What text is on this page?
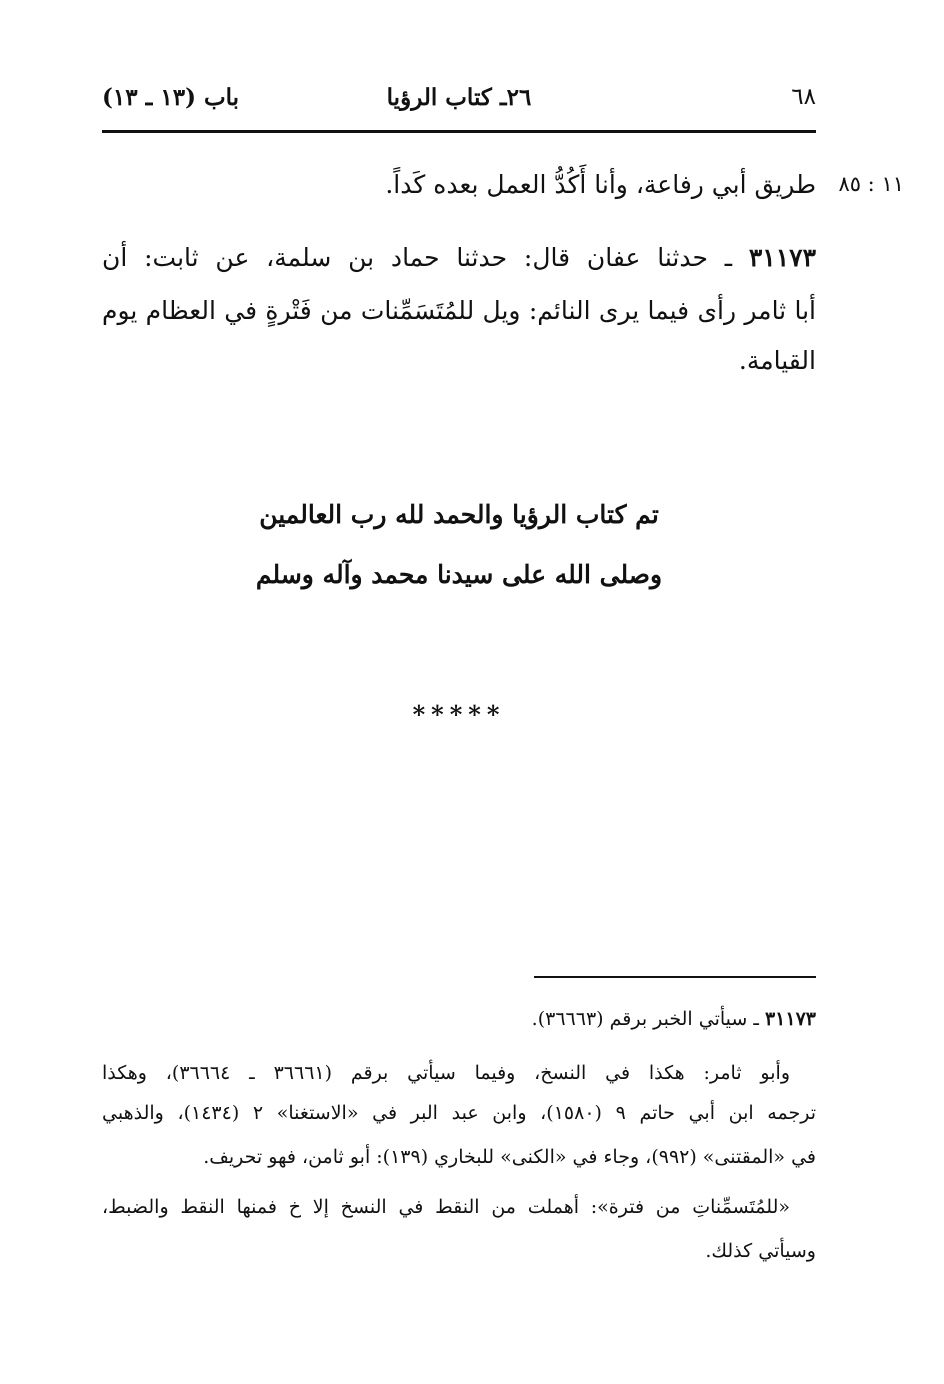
٦٨
٢٦ـ كتاب الرؤيا
باب (١٣ ـ ١٣)
١١ : ٨٥
طريق أبي رفاعة، وأنا أَكُدُّ العمل بعده كَداً.
٣١١٧٣ ـ حدثنا عفان قال: حدثنا حماد بن سلمة، عن ثابت: أن
أبا ثامر رأى فيما يرى النائم: ويل للمُتَسَمِّنات من فَتْرةٍ في العظام يوم
القيامة.
تم كتاب الرؤيا والحمد لله رب العالمين
وصلى الله على سيدنا محمد وآله وسلم
*****
٣١١٧٣ ـ سيأتي الخبر برقم (٣٦٦٦٣).
وأبو ثامر: هكذا في النسخ، وفيما سيأتي برقم (٣٦٦٦١ ـ ٣٦٦٦٤)، وهكذا
ترجمه ابن أبي حاتم ٩ (١٥٨٠)، وابن عبد البر في «الاستغنا» ٢ (١٤٣٤)، والذهبي
في «المقتنى» (٩٩٢)، وجاء في «الكنى» للبخاري (١٣٩): أبو ثامن، فهو تحريف.
«للمُتَسمِّناتِ من فترة»: أهملت من النقط في النسخ إلا خ فمنها النقط والضبط،
وسيأتي كذلك.
